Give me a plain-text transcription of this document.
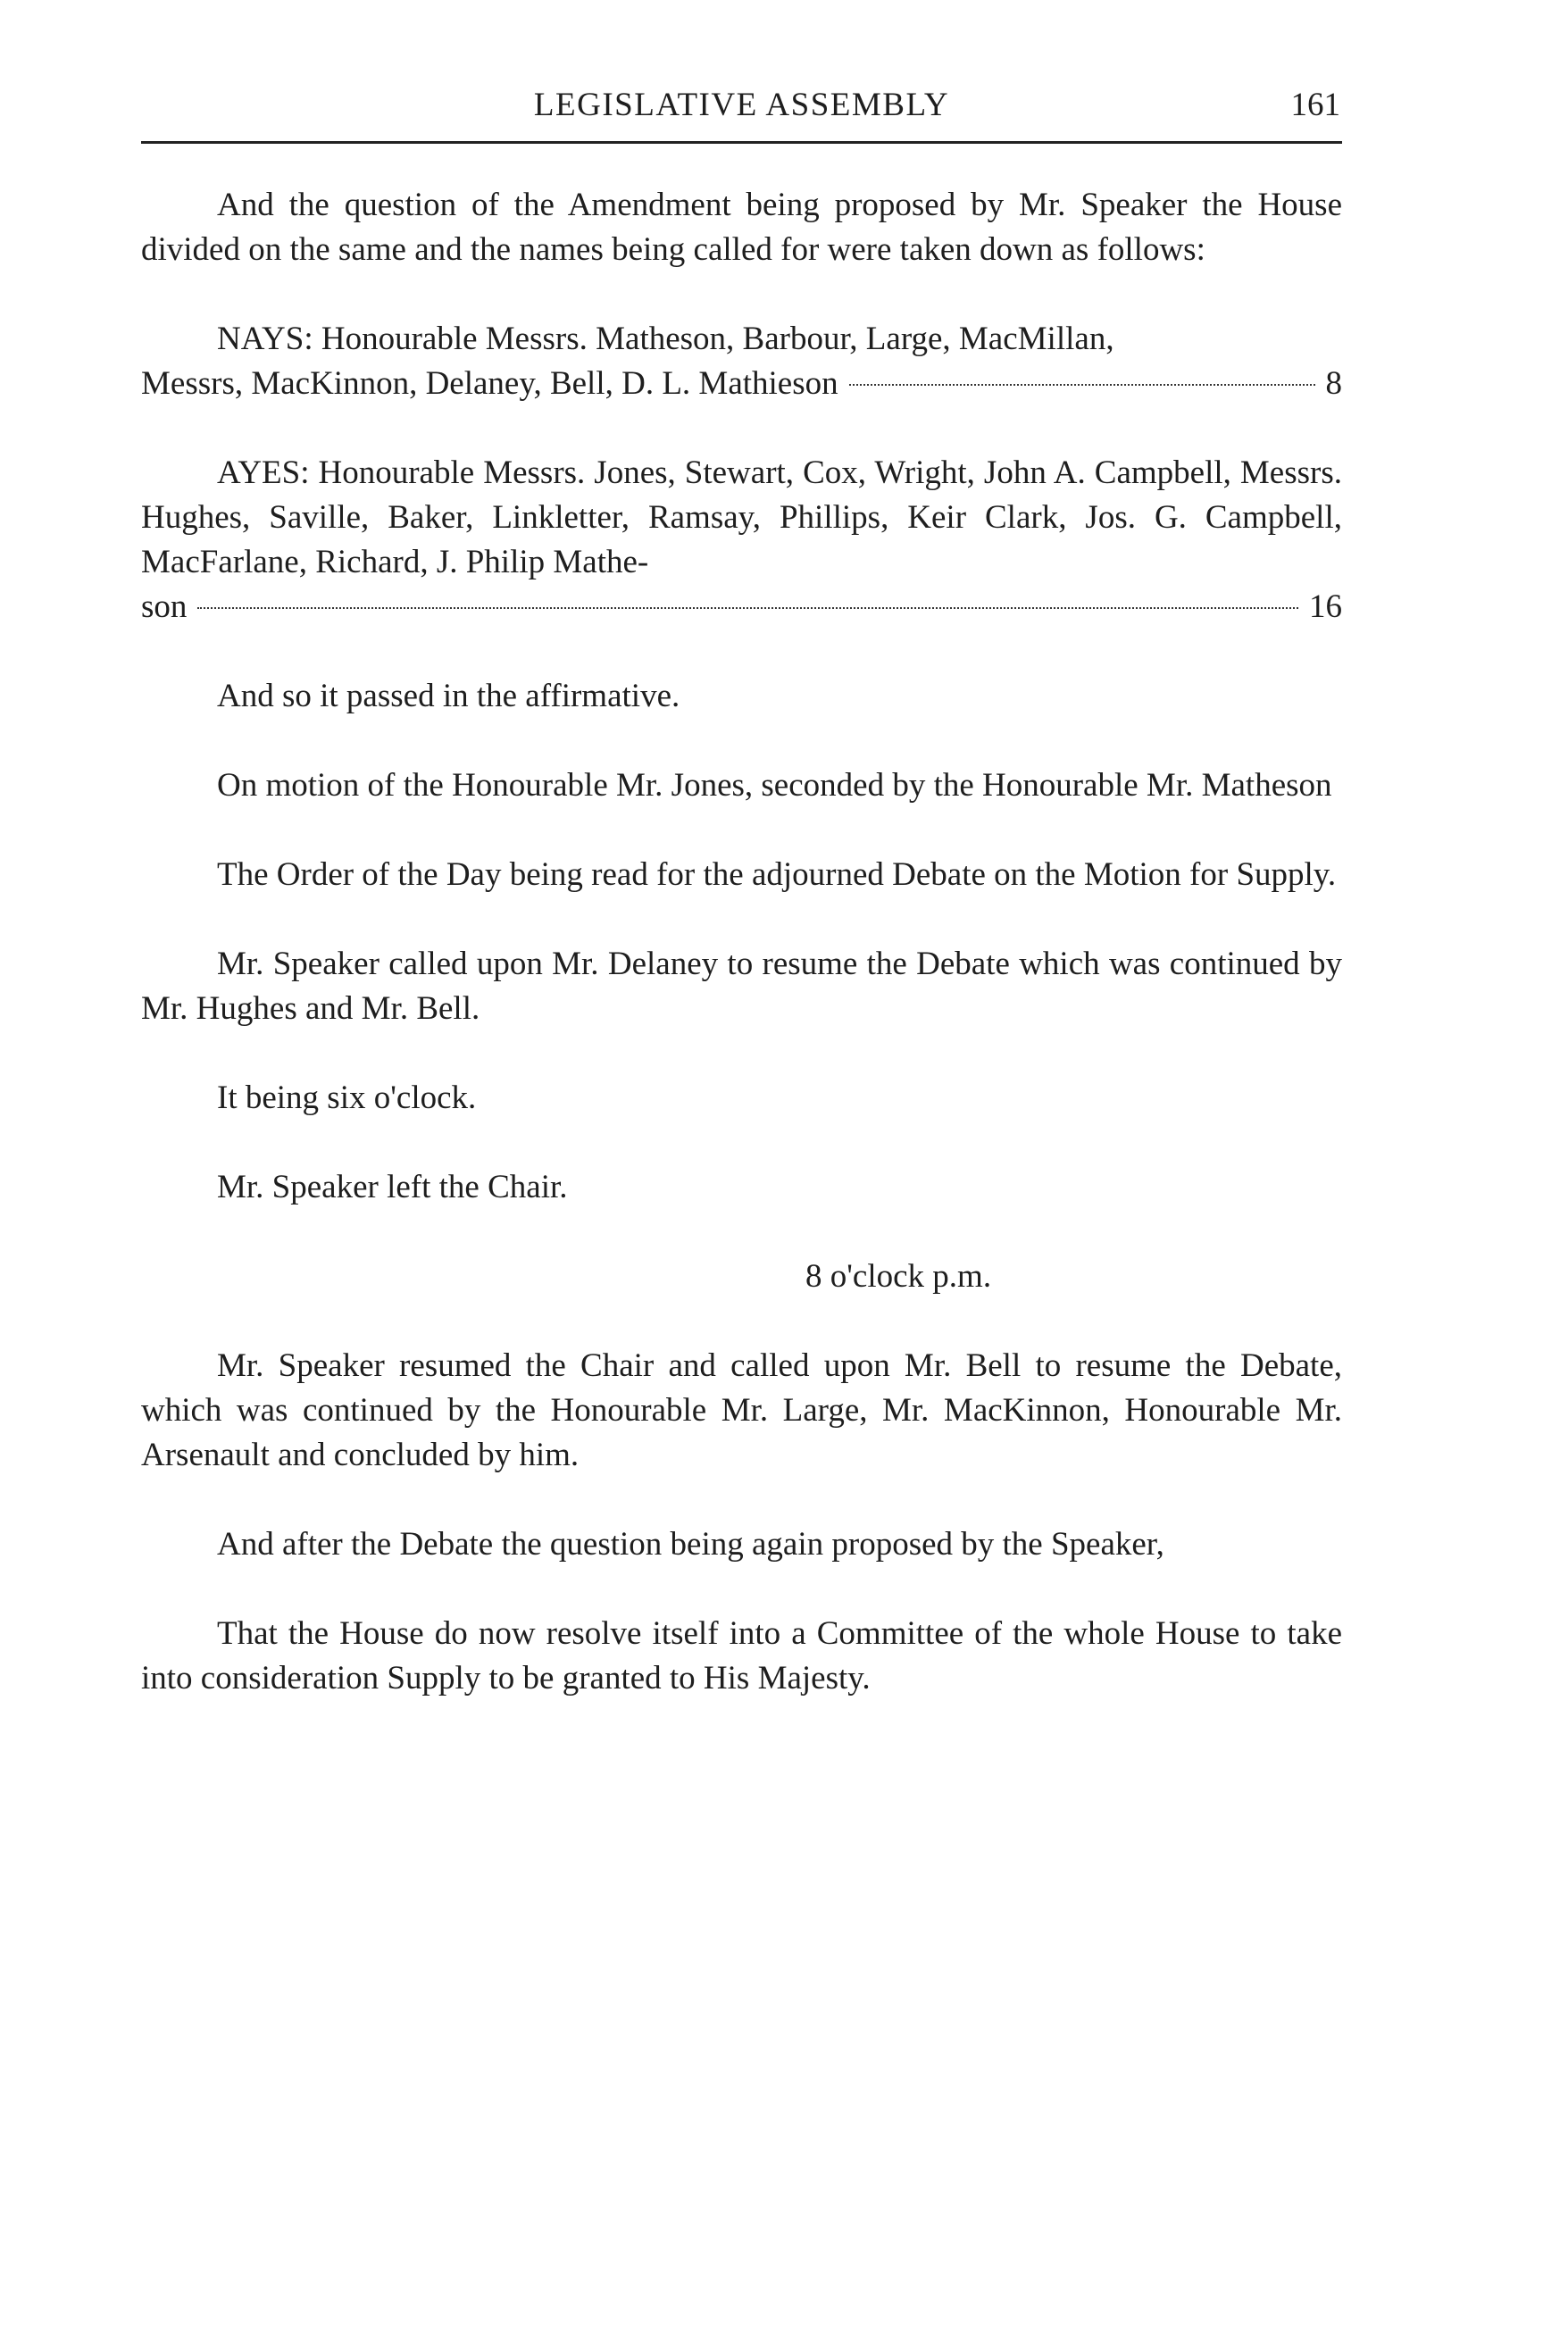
LEGISLATIVE ASSEMBLY	161

And the question of the Amendment being proposed by Mr. Speaker the House divided on the same and the names being called for were taken down as follows:

NAYS: Honourable Messrs. Matheson, Barbour, Large, MacMillan,

Messrs, MacKinnon, Delaney, Bell, D. L. Mathieson	8

AYES: Honourable Messrs. Jones, Stewart, Cox, Wright, John A. Campbell, Messrs. Hughes, Saville, Baker, Linkletter, Ramsay, Phillips, Keir Clark, Jos. G. Campbell, MacFarlane, Richard, J. Philip Mathe-

son	16

And so it passed in the affirmative.

On motion of the Honourable Mr. Jones, seconded by the Honourable Mr. Matheson

The Order of the Day being read for the adjourned Debate on the Motion for Supply.

Mr. Speaker called upon Mr. Delaney to resume the Debate which was continued by Mr. Hughes and Mr. Bell.

It being six o'clock.

Mr. Speaker left the Chair.

8 o'clock p.m.

Mr. Speaker resumed the Chair and called upon Mr. Bell to resume the Debate, which was continued by the Honourable Mr. Large, Mr. MacKinnon, Honourable Mr. Arsenault and concluded by him.

And after the Debate the question being again proposed by the Speaker,

That the House do now resolve itself into a Committee of the whole House to take into consideration Supply to be granted to His Majesty.
